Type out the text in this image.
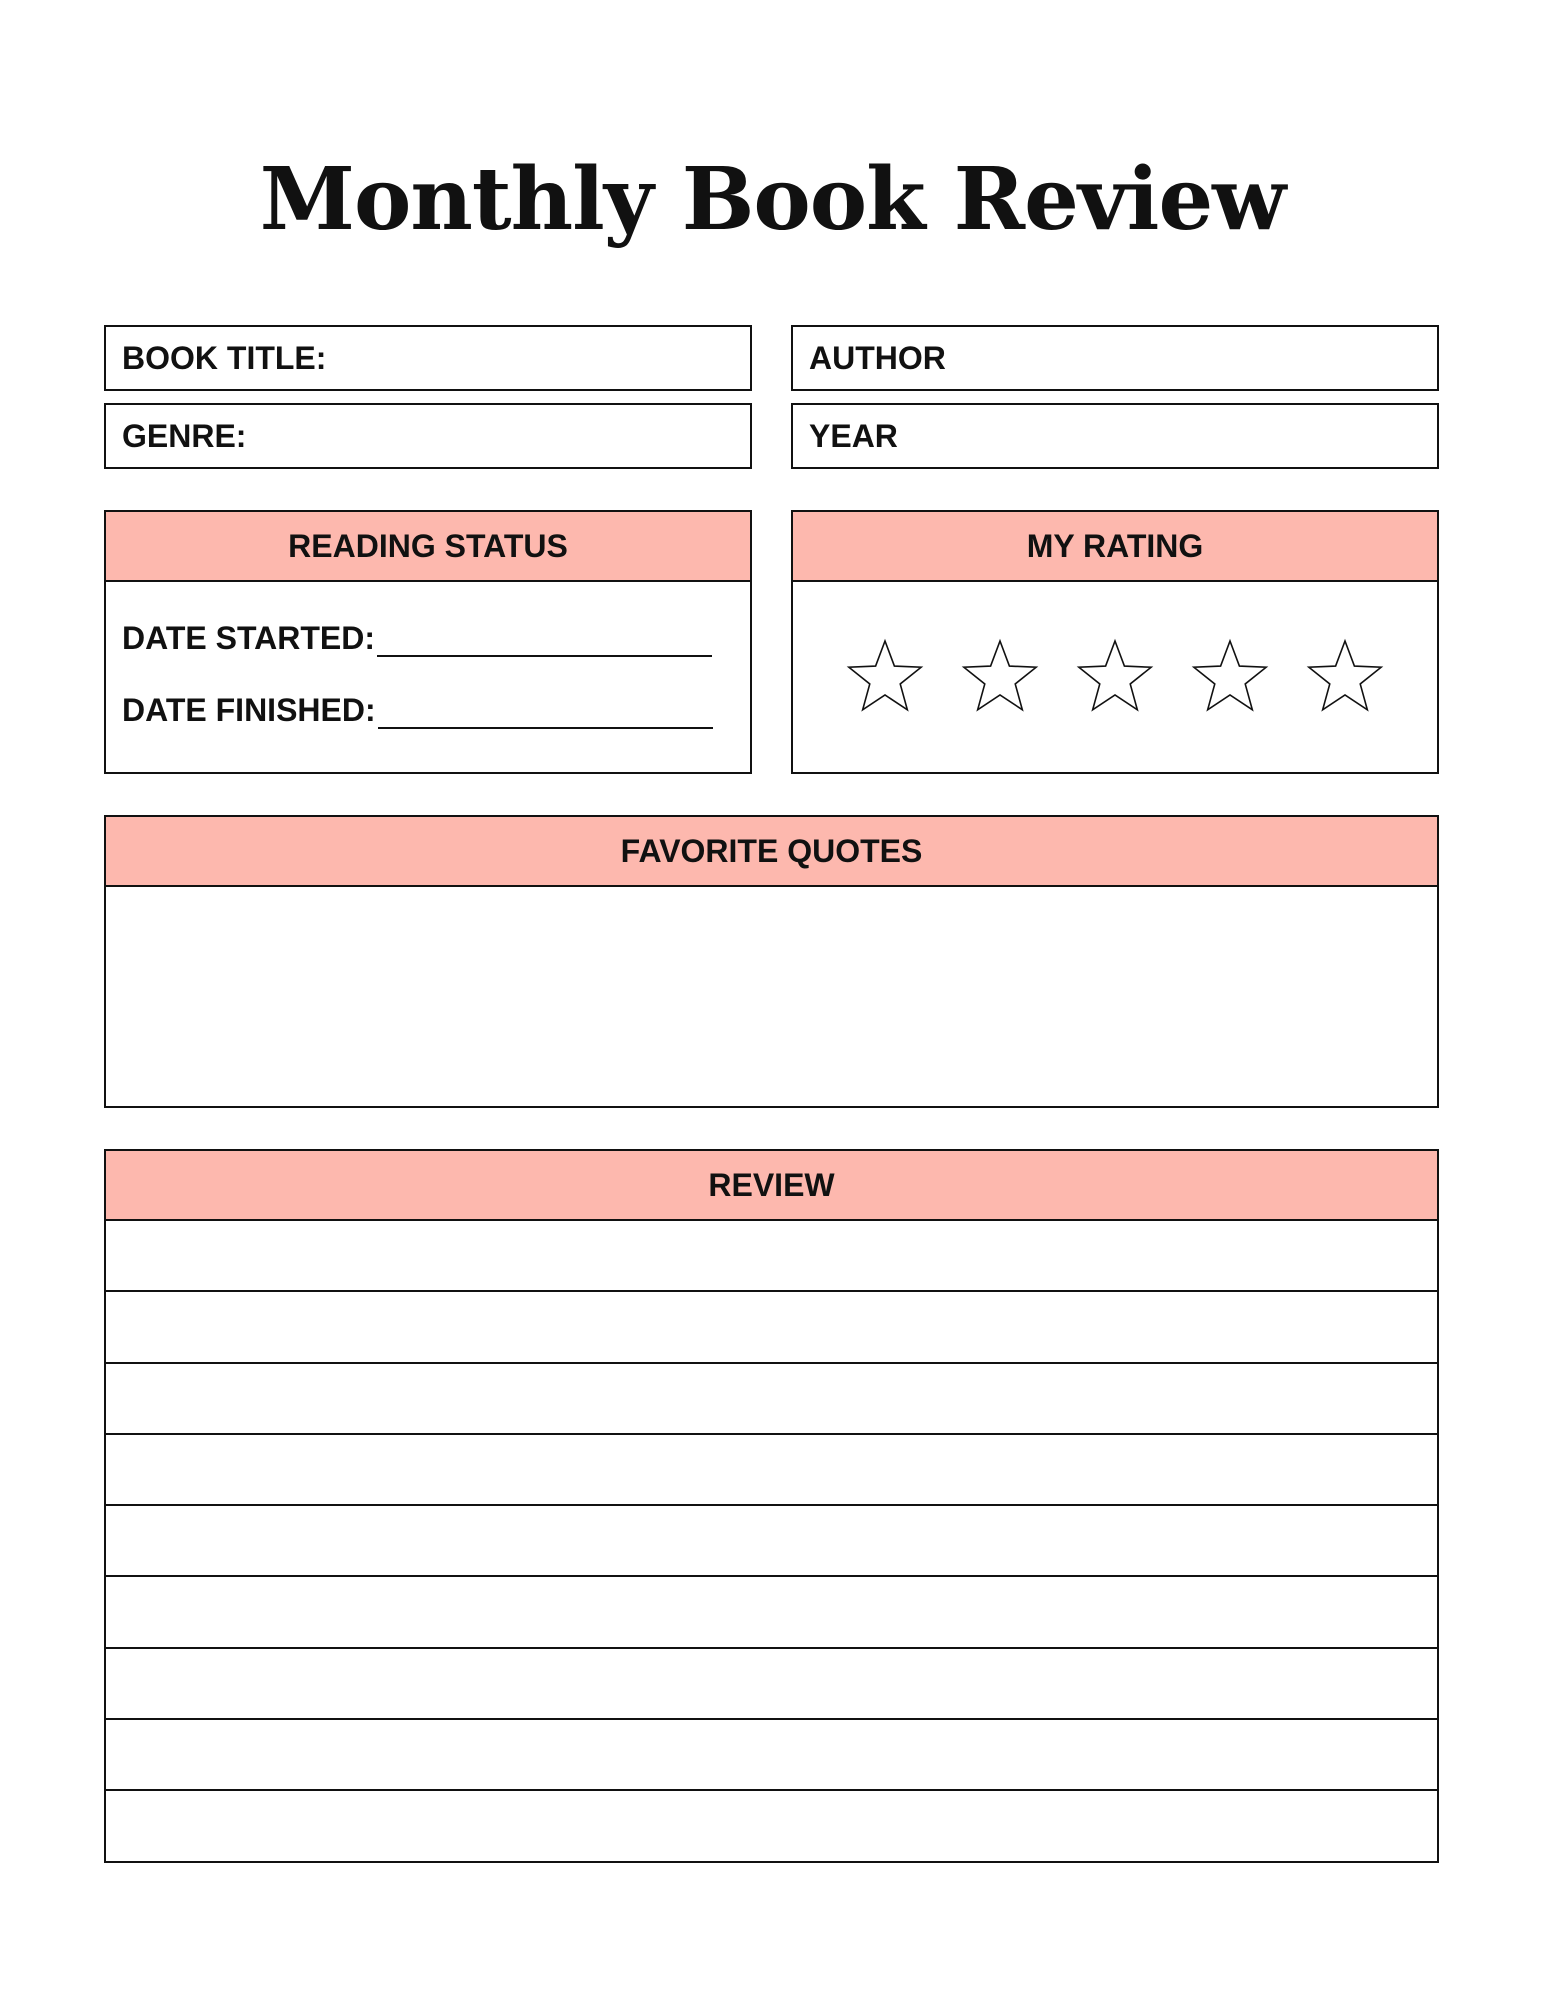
Monthly Book Review
BOOK TITLE:	AUTHOR
GENRE:	YEAR
READING STATUS
DATE STARTED:
DATE FINISHED:
MY RATING
FAVORITE QUOTES
REVIEW
